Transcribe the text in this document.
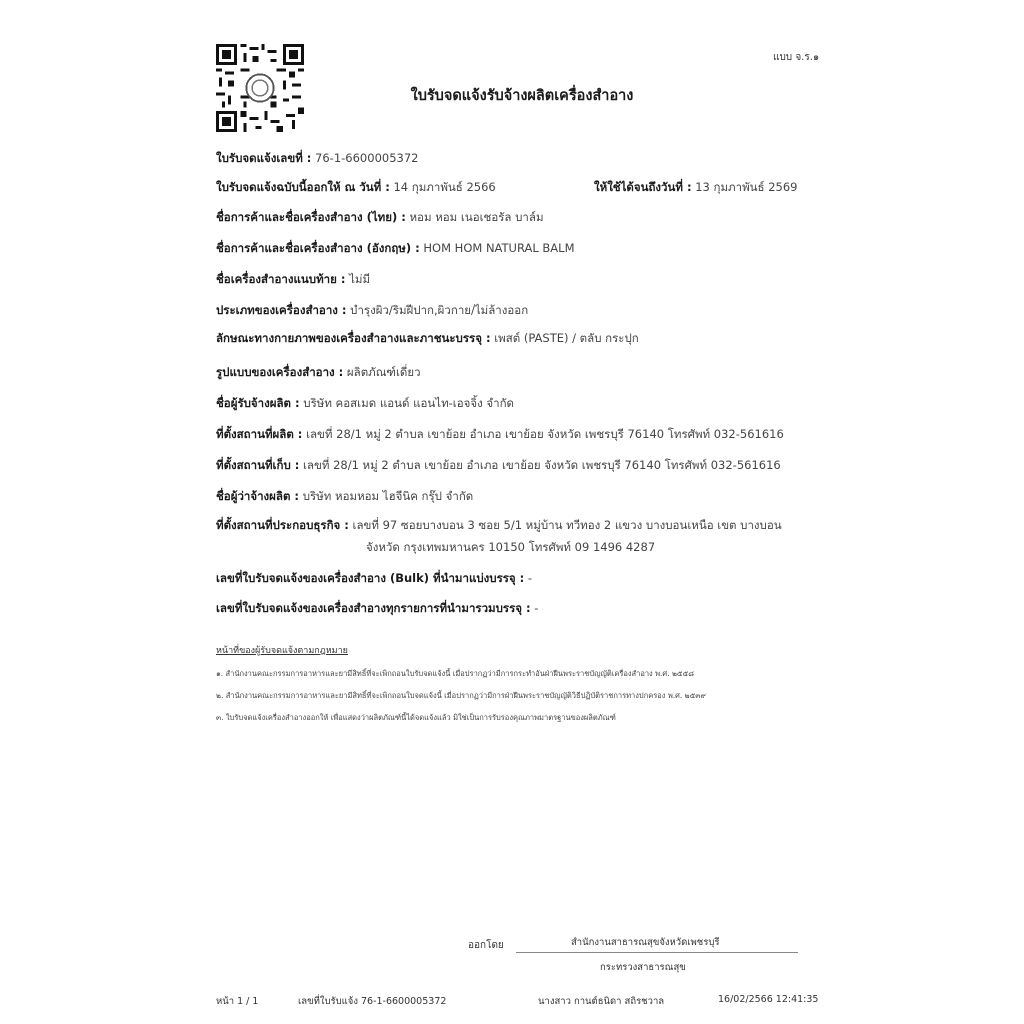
แบบ จ.ร.๑
ใบรับจดแจ้งรับจ้างผลิตเครื่องสำอาง
ใบรับจดแจ้งเลขที่ : 76-1-6600005372
ใบรับจดแจ้งฉบับนี้ออกให้ ณ วันที่ : 14 กุมภาพันธ์ 2566	ให้ใช้ได้จนถึงวันที่ : 13 กุมภาพันธ์ 2569
ชื่อการค้าและชื่อเครื่องสำอาง (ไทย) : หอม หอม เนอเชอรัล บาล์ม
ชื่อการค้าและชื่อเครื่องสำอาง (อังกฤษ) : HOM HOM NATURAL BALM
ชื่อเครื่องสำอางแนบท้าย : ไม่มี
ประเภทของเครื่องสำอาง : บำรุงผิว/ริมฝีปาก,ผิวกาย/ไม่ล้างออก
ลักษณะทางกายภาพของเครื่องสำอางและภาชนะบรรจุ : เพสต์ (PASTE) / ตลับ กระปุก
รูปแบบของเครื่องสำอาง : ผลิตภัณฑ์เดี่ยว
ชื่อผู้รับจ้างผลิต : บริษัท คอสเมด แอนด์ แอนไท-เอจจิ้ง จำกัด
ที่ตั้งสถานที่ผลิต : เลขที่ 28/1 หมู่ 2 ตำบล เขาย้อย อำเภอ เขาย้อย จังหวัด เพชรบุรี 76140 โทรศัพท์ 032-561616
ที่ตั้งสถานที่เก็บ : เลขที่ 28/1 หมู่ 2 ตำบล เขาย้อย อำเภอ เขาย้อย จังหวัด เพชรบุรี 76140 โทรศัพท์ 032-561616
ชื่อผู้ว่าจ้างผลิต : บริษัท หอมหอม ไฮจีนิค กรุ๊ป จำกัด
ที่ตั้งสถานที่ประกอบธุรกิจ : เลขที่ 97 ซอยบางบอน 3 ซอย 5/1 หมู่บ้าน ทวีทอง 2 แขวง บางบอนเหนือ เขต บางบอน
จังหวัด กรุงเทพมหานคร 10150 โทรศัพท์ 09 1496 4287
เลขที่ใบรับจดแจ้งของเครื่องสำอาง (Bulk) ที่นำมาแบ่งบรรจุ : -
เลขที่ใบรับจดแจ้งของเครื่องสำอางทุกรายการที่นำมารวมบรรจุ : -
หน้าที่ของผู้รับจดแจ้งตามกฎหมาย
๑. สำนักงานคณะกรรมการอาหารและยามีสิทธิ์ที่จะเพิกถอนใบรับจดแจ้งนี้ เมื่อปรากฏว่ามีการกระทำอันฝ่าฝืนพระราชบัญญัติเครื่องสำอาง พ.ศ. ๒๕๕๘
๒. สำนักงานคณะกรรมการอาหารและยามีสิทธิ์ที่จะเพิกถอนใบจดแจ้งนี้ เมื่อปรากฏว่ามีการฝ่าฝืนพระราชบัญญัติวิธีปฏิบัติราชการทางปกครอง พ.ศ. ๒๕๓๙
๓. ใบรับจดแจ้งเครื่องสำอางออกให้ เพื่อแสดงว่าผลิตภัณฑ์นี้ได้จดแจ้งแล้ว มิใช่เป็นการรับรองคุณภาพมาตรฐานของผลิตภัณฑ์
ออกโดย	สำนักงานสาธารณสุขจังหวัดเพชรบุรี
กระทรวงสาธารณสุข
หน้า 1 / 1	เลขที่ใบรับแจ้ง 76-1-6600005372	นางสาว กานต์ธนิดา สถิรชวาล	16/02/2566 12:41:35
